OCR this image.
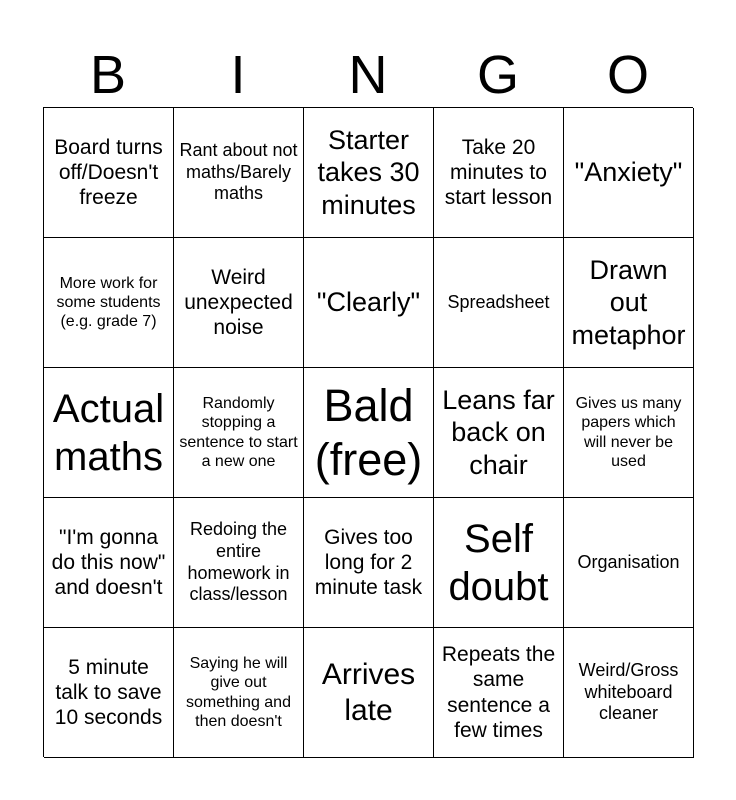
B	I	N	G	O
Board turns off/Doesn't freeze
Rant about not maths/Barely maths
Starter takes 30 minutes
Take 20 minutes to start lesson
"Anxiety"
More work for some students (e.g. grade 7)
Weird unexpected noise
"Clearly" Spreadsheet
Drawn out metaphor
Actual maths
Randomly stopping a sentence to start a new one
Bald (free)
Leans far back on chair
Gives us many papers which will never be used
"I'm gonna do this now" and doesn't
Redoing the entire homework in class/lesson
Gives too long for 2 minute task
Self doubt
Organisation
5 minute talk to save 10 seconds
Saying he will give out something and then doesn't
Arrives late
Repeats the same sentence a few times
Weird/Gross whiteboard cleaner
